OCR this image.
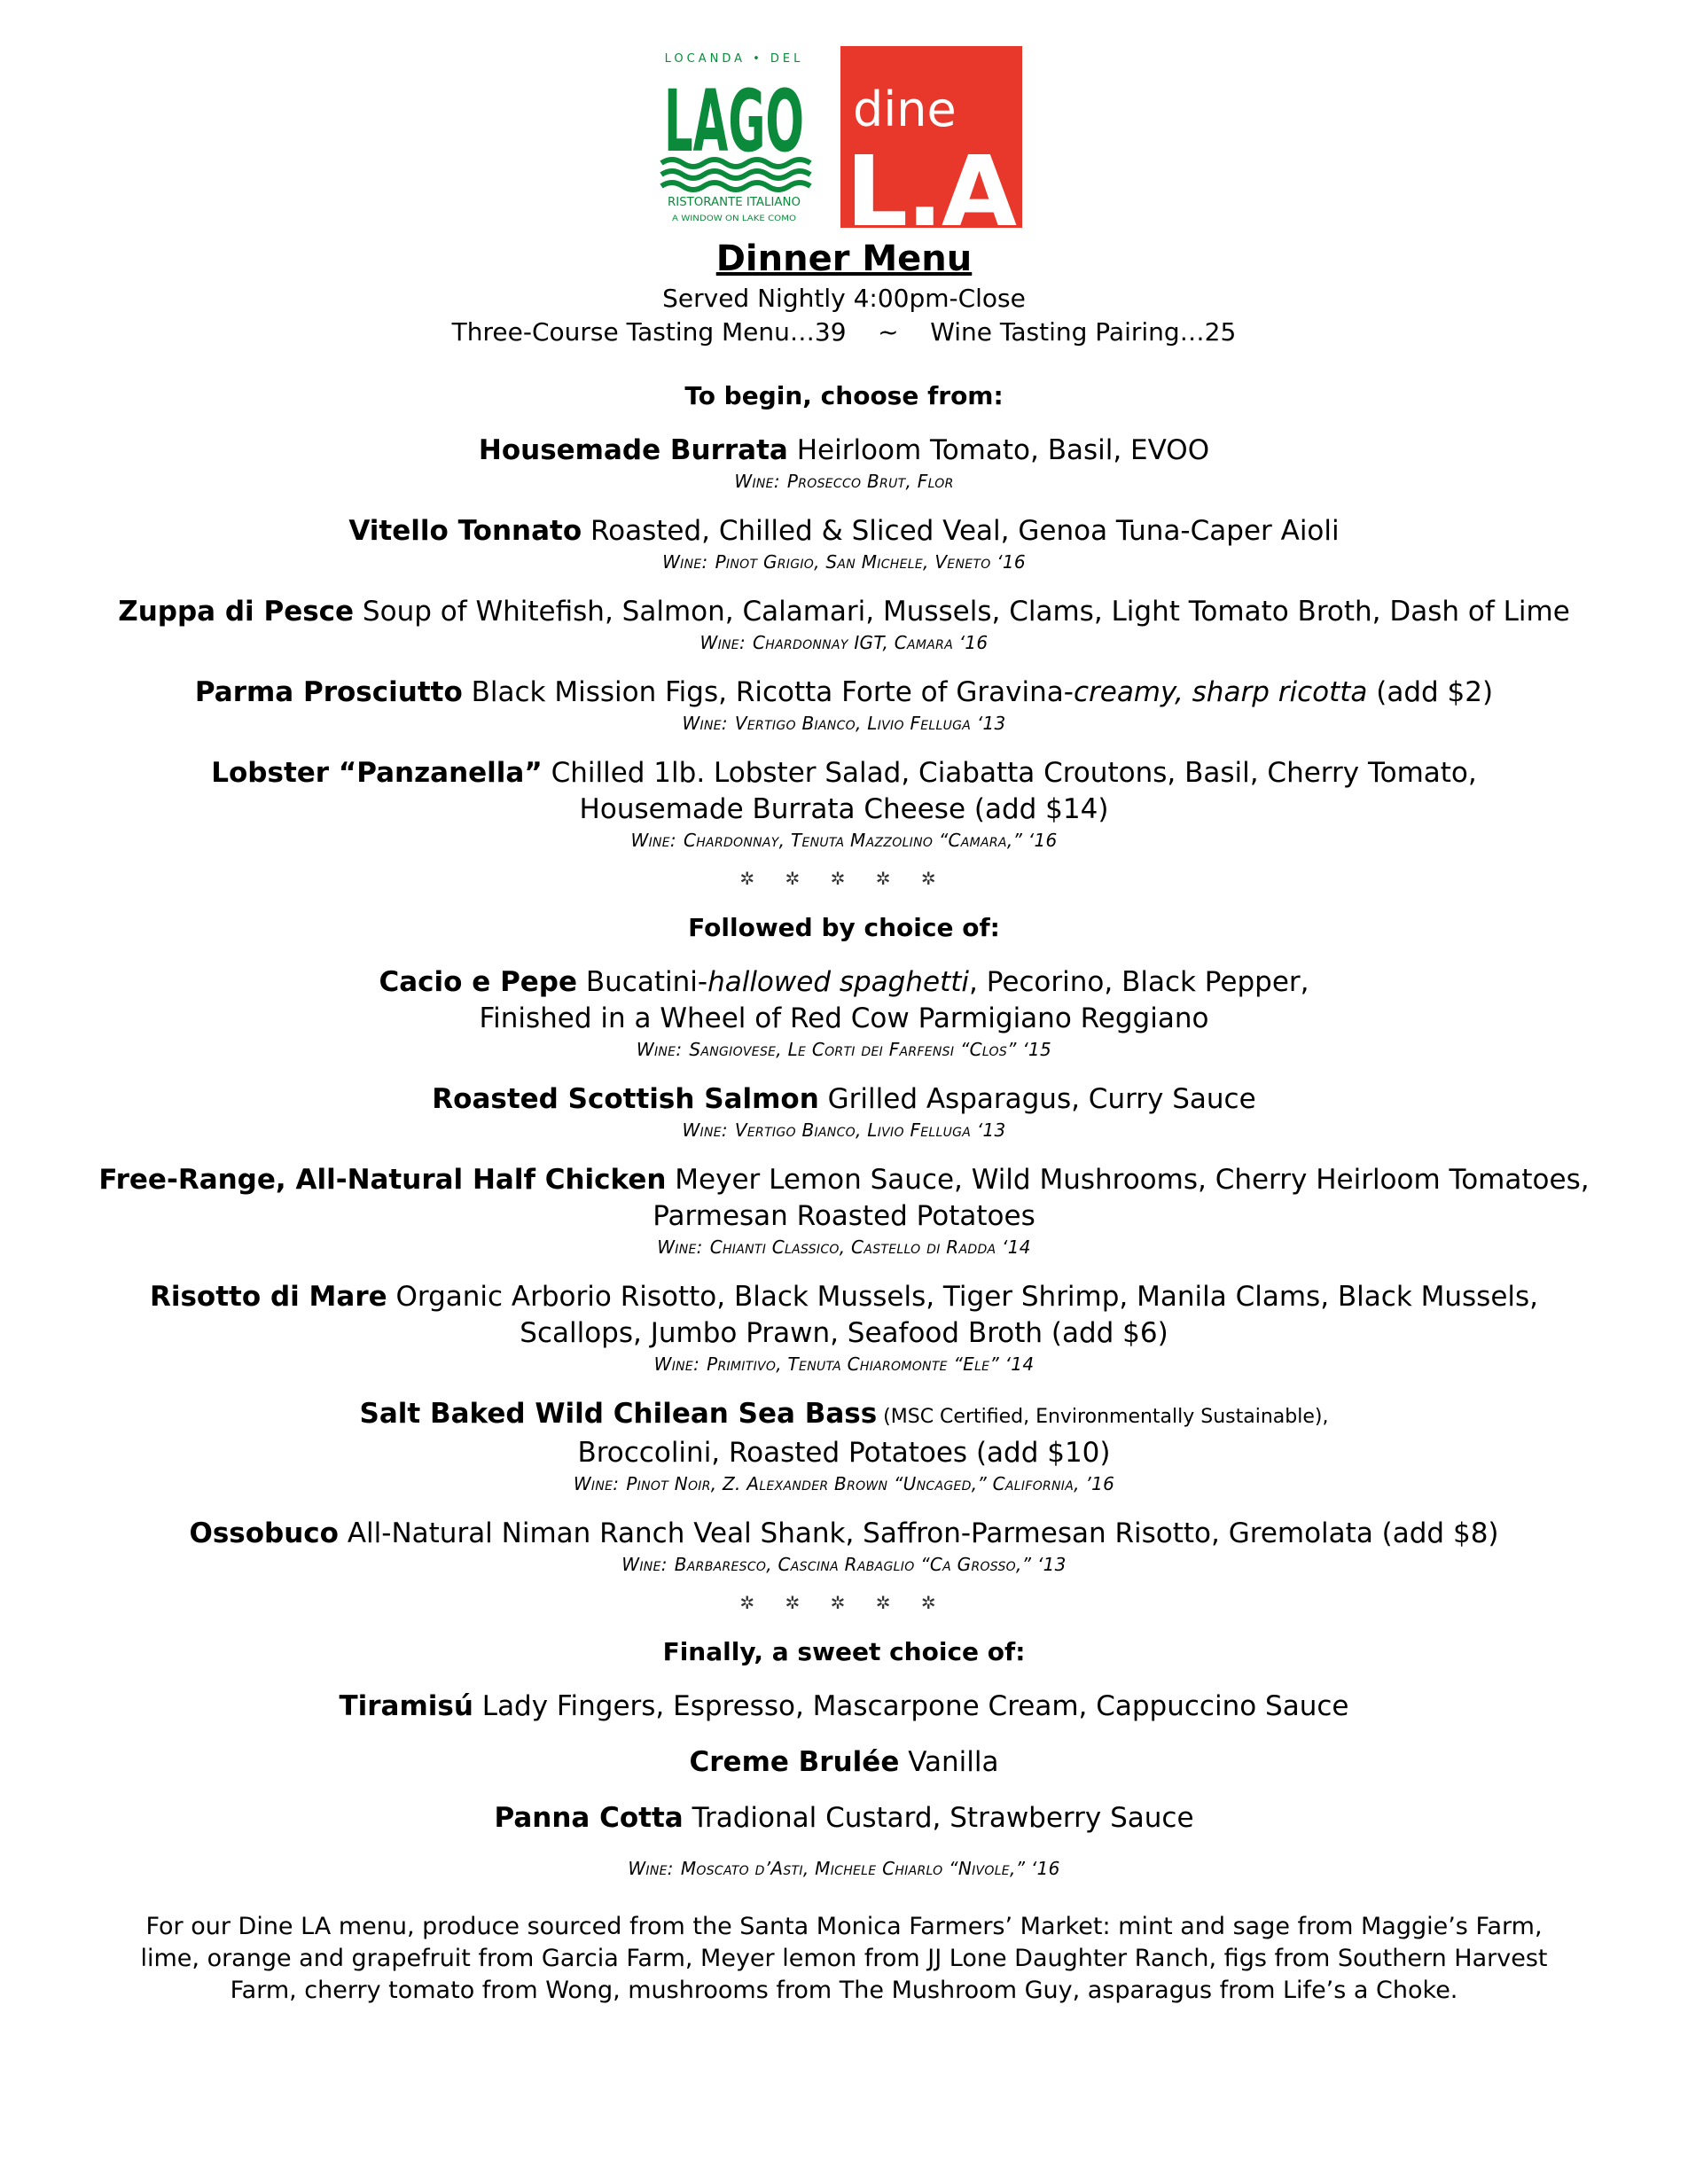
LOCANDA • DEL
LAGO
RISTORANTE ITALIANO
A WINDOW ON LAKE COMO
dine
L.A.

Dinner Menu

Served Nightly 4:00pm-Close

Three-Course Tasting Menu…39    ~    Wine Tasting Pairing…25

To begin, choose from:

Housemade Burrata Heirloom Tomato, Basil, EVOO

Wine: Prosecco Brut, Flor

Vitello Tonnato Roasted, Chilled & Sliced Veal, Genoa Tuna-Caper Aioli

Wine: Pinot Grigio, San Michele, Veneto ‘16

Zuppa di Pesce Soup of Whitefish, Salmon, Calamari, Mussels, Clams, Light Tomato Broth, Dash of Lime

Wine: Chardonnay IGT, Camara ‘16

Parma Prosciutto Black Mission Figs, Ricotta Forte of Gravina-creamy, sharp ricotta (add $2)

Wine: Vertigo Bianco, Livio Felluga ‘13

Lobster “Panzanella” Chilled 1lb. Lobster Salad, Ciabatta Croutons, Basil, Cherry Tomato,

Housemade Burrata Cheese (add $14)

Wine: Chardonnay, Tenuta Mazzolino “Camara,” ‘16

✲ ✲ ✲ ✲ ✲

Followed by choice of:

Cacio e Pepe Bucatini-hallowed spaghetti, Pecorino, Black Pepper,

Finished in a Wheel of Red Cow Parmigiano Reggiano

Wine: Sangiovese, Le Corti dei Farfensi “Clos” ‘15

Roasted Scottish Salmon Grilled Asparagus, Curry Sauce

Wine: Vertigo Bianco, Livio Felluga ‘13

Free-Range, All-Natural Half Chicken Meyer Lemon Sauce, Wild Mushrooms, Cherry Heirloom Tomatoes,

Parmesan Roasted Potatoes

Wine: Chianti Classico, Castello di Radda ‘14

Risotto di Mare Organic Arborio Risotto, Black Mussels, Tiger Shrimp, Manila Clams, Black Mussels,

Scallops, Jumbo Prawn, Seafood Broth (add $6)

Wine: Primitivo, Tenuta Chiaromonte “Ele” ‘14

Salt Baked Wild Chilean Sea Bass (MSC Certified, Environmentally Sustainable),

Broccolini, Roasted Potatoes (add $10)

Wine: Pinot Noir, Z. Alexander Brown “Uncaged,” California, ’16

Ossobuco All-Natural Niman Ranch Veal Shank, Saffron-Parmesan Risotto, Gremolata (add $8)

Wine: Barbaresco, Cascina Rabaglio “Ca Grosso,” ‘13

✲ ✲ ✲ ✲ ✲

Finally, a sweet choice of:

Tiramisú Lady Fingers, Espresso, Mascarpone Cream, Cappuccino Sauce

Creme Brulée Vanilla

Panna Cotta Tradional Custard, Strawberry Sauce

Wine: Moscato d’Asti, Michele Chiarlo “Nivole,” ‘16

For our Dine LA menu, produce sourced from the Santa Monica Farmers’ Market: mint and sage from Maggie’s Farm,

lime, orange and grapefruit from Garcia Farm, Meyer lemon from JJ Lone Daughter Ranch, figs from Southern Harvest

Farm, cherry tomato from Wong, mushrooms from The Mushroom Guy, asparagus from Life’s a Choke.
